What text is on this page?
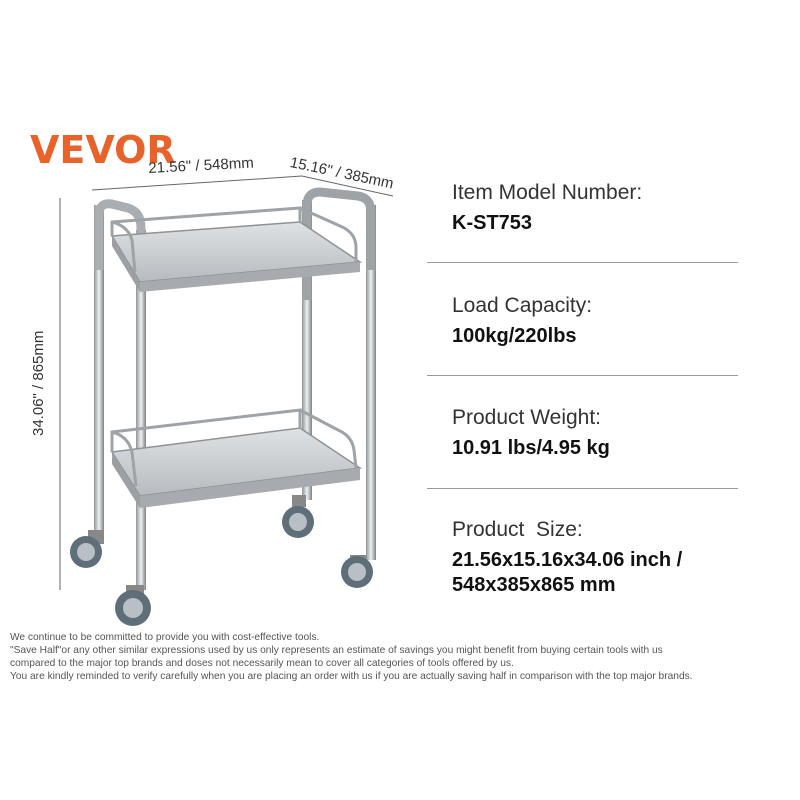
VEVOR
21.56" / 548mm 15.16" / 385mm
34.06" / 865mm
Item Model Number:
K-ST753
Load Capacity:
100kg/220lbs
Product Weight:
10.91 lbs/4.95 kg
Product  Size:
21.56x15.16x34.06 inch /
548x385x865 mm
We continue to be committed to provide you with cost-effective tools.
"Save Half"or any other similar expressions used by us only represents an estimate of savings you might benefit from buying certain tools with us
compared to the major top brands and doses not necessarily mean to cover all categories of tools offered by us.
You are kindly reminded to verify carefully when you are placing an order with us if you are actually saving half in comparison with the top major brands.
